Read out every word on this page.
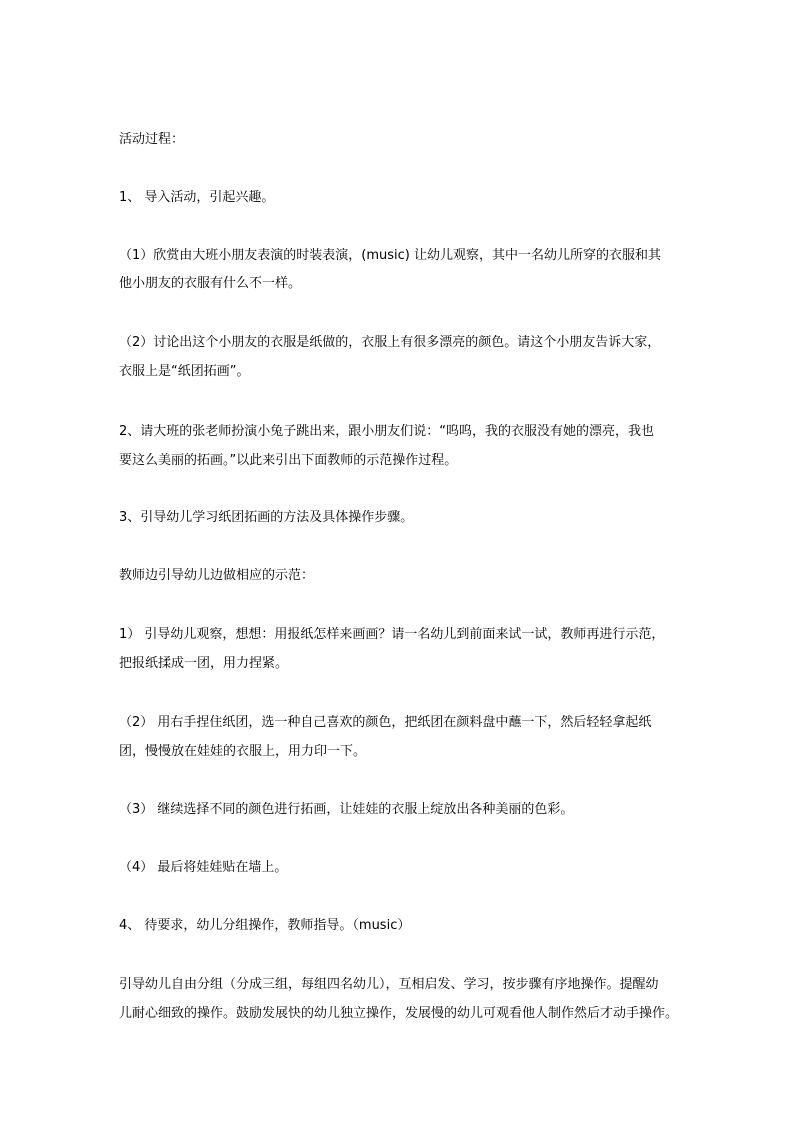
活动过程：
1、 导入活动，引起兴趣。
（1）欣赏由大班小朋友表演的时装表演，(music) 让幼儿观察，其中一名幼儿所穿的衣服和其
他小朋友的衣服有什么不一样。
（2）讨论出这个小朋友的衣服是纸做的，衣服上有很多漂亮的颜色。请这个小朋友告诉大家，
衣服上是“纸团拓画”。
2、请大班的张老师扮演小兔子跳出来，跟小朋友们说：“呜呜，我的衣服没有她的漂亮，我也
要这么美丽的拓画。”以此来引出下面教师的示范操作过程。
3、引导幼儿学习纸团拓画的方法及具体操作步骤。
教师边引导幼儿边做相应的示范：
1） 引导幼儿观察，想想：用报纸怎样来画画？请一名幼儿到前面来试一试，教师再进行示范，
把报纸揉成一团，用力捏紧。
（2） 用右手捏住纸团，选一种自己喜欢的颜色，把纸团在颜料盘中蘸一下，然后轻轻拿起纸
团，慢慢放在娃娃的衣服上，用力印一下。
（3） 继续选择不同的颜色进行拓画，让娃娃的衣服上绽放出各种美丽的色彩。
（4） 最后将娃娃贴在墙上。
4、 待要求，幼儿分组操作，教师指导。（music）
引导幼儿自由分组（分成三组，每组四名幼儿），互相启发、学习，按步骤有序地操作。提醒幼
儿耐心细致的操作。鼓励发展快的幼儿独立操作，发展慢的幼儿可观看他人制作然后才动手操作。
